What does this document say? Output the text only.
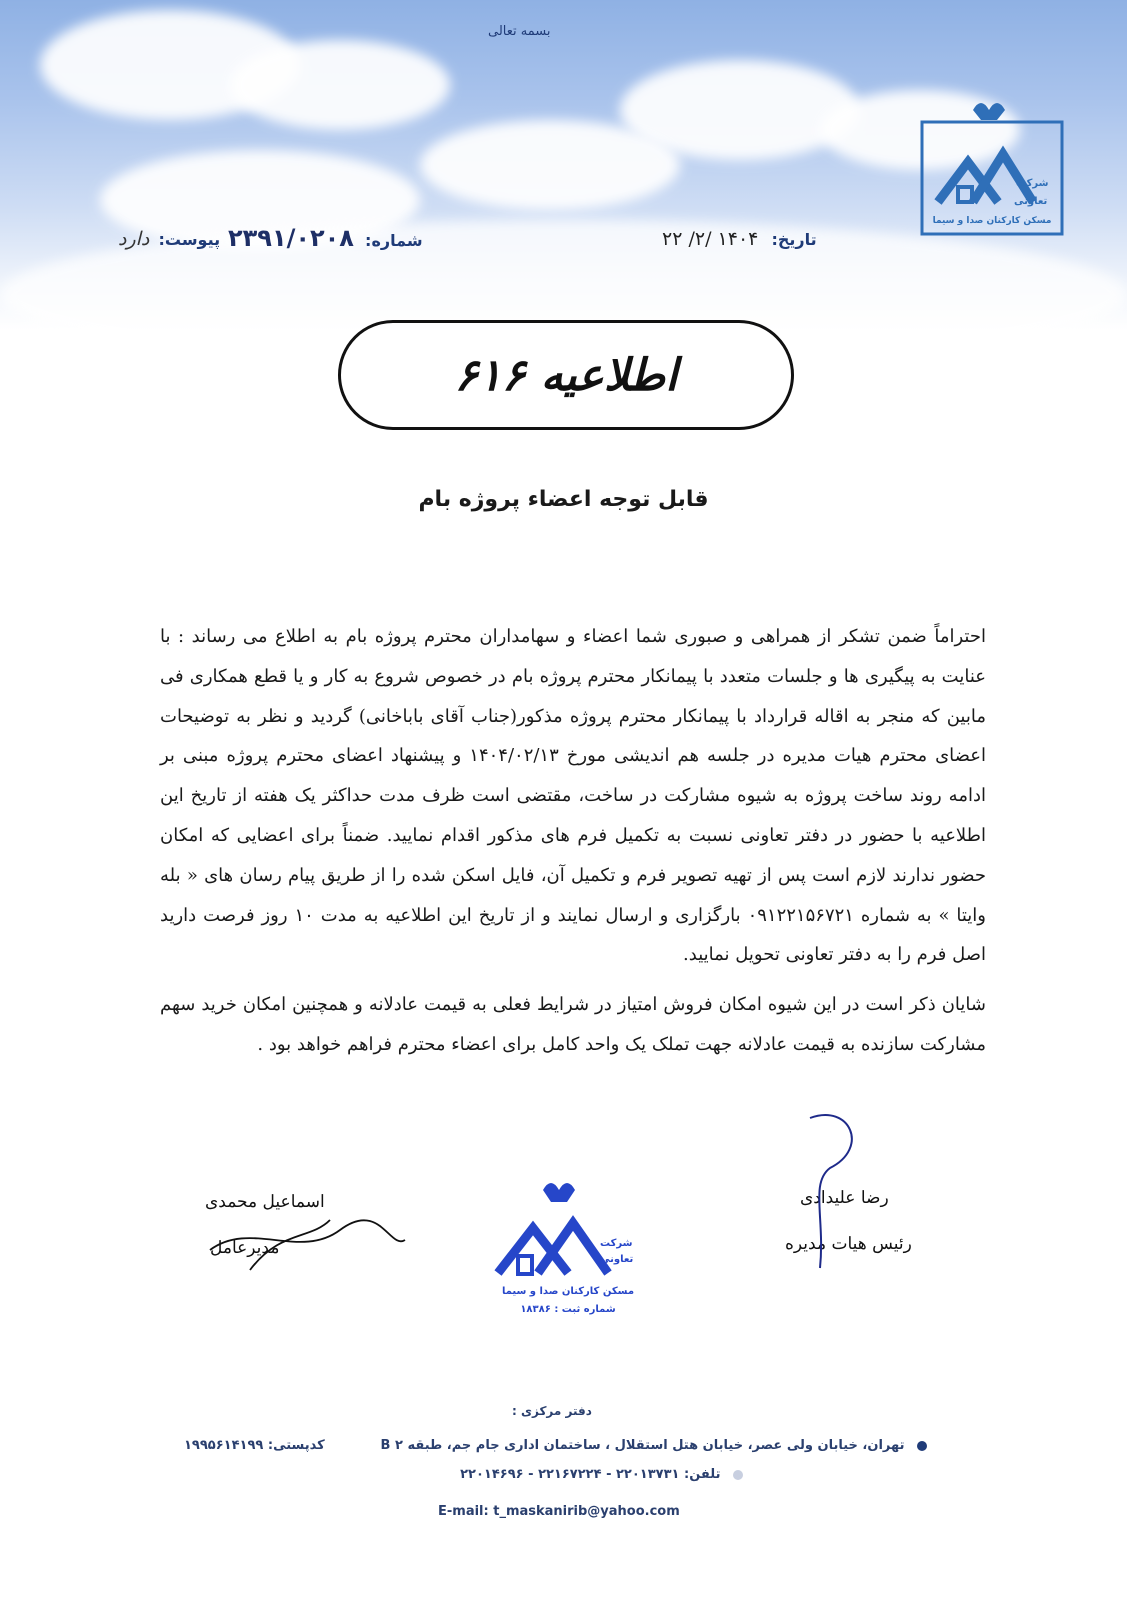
بسمه تعالی
شرکت
تعاونی
مسکن کارکنان صدا و سیما
تاریخ: ۱۴۰۴ /۲/ ۲۲
شماره: ۲۳۹۱/۰۲۰۸
پیوست: دارد
اطلاعیه ۶۱۶
قابل توجه اعضاء پروژه بام

احتراماً ضمن تشکر از همراهی و صبوری شما اعضاء و سهامداران محترم پروژه بام به اطلاع می رساند : با عنایت به پیگیری ها و جلسات متعدد با پیمانکار محترم پروژه بام در خصوص شروع به کار و یا قطع همکاری فی مابین که منجر به اقاله قرارداد با پیمانکار محترم پروژه مذکور(جناب آقای باباخانی) گردید و نظر به توضیحات اعضای محترم هیات مدیره در جلسه هم اندیشی مورخ ۱۴۰۴/۰۲/۱۳ و پیشنهاد اعضای محترم پروژه مبنی بر ادامه روند ساخت پروژه به شیوه مشارکت در ساخت، مقتضی است ظرف مدت حداکثر یک هفته از تاریخ این اطلاعیه با حضور در دفتر تعاونی نسبت به تکمیل فرم های مذکور اقدام نمایید. ضمناً برای اعضایی که امکان حضور ندارند لازم است پس از تهیه تصویر فرم و تکمیل آن، فایل اسکن شده را از طریق پیام رسان های « بله وایتا » به شماره ۰۹۱۲۲۱۵۶۷۲۱ بارگزاری و ارسال نمایند و از تاریخ این اطلاعیه به مدت ۱۰ روز فرصت دارید اصل فرم را به دفتر تعاونی تحویل نمایید.

شایان ذکر است در این شیوه امکان فروش امتیاز در شرایط فعلی به قیمت عادلانه و همچنین امکان خرید سهم مشارکت سازنده به قیمت عادلانه جهت تملک یک واحد کامل برای اعضاء محترم فراهم خواهد بود .

رضا علیدادی
رئیس هیات مدیره
اسماعیل محمدی
مدیرعامل	شرکت
تعاونی
مسکن کارکنان صدا و سیما
شماره ثبت : ۱۸۳۸۶
دفتر مرکزی :
تهران، خیابان ولی عصر، خیابان هتل استقلال ، ساختمان اداری جام جم، طبقه ۲ B
کدپستی: ۱۹۹۵۶۱۴۱۹۹
تلفن: ۲۲۰۱۳۷۳۱ - ۲۲۱۶۷۲۲۴ - ۲۲۰۱۴۶۹۶
E-mail: t_maskanirib@yahoo.com
